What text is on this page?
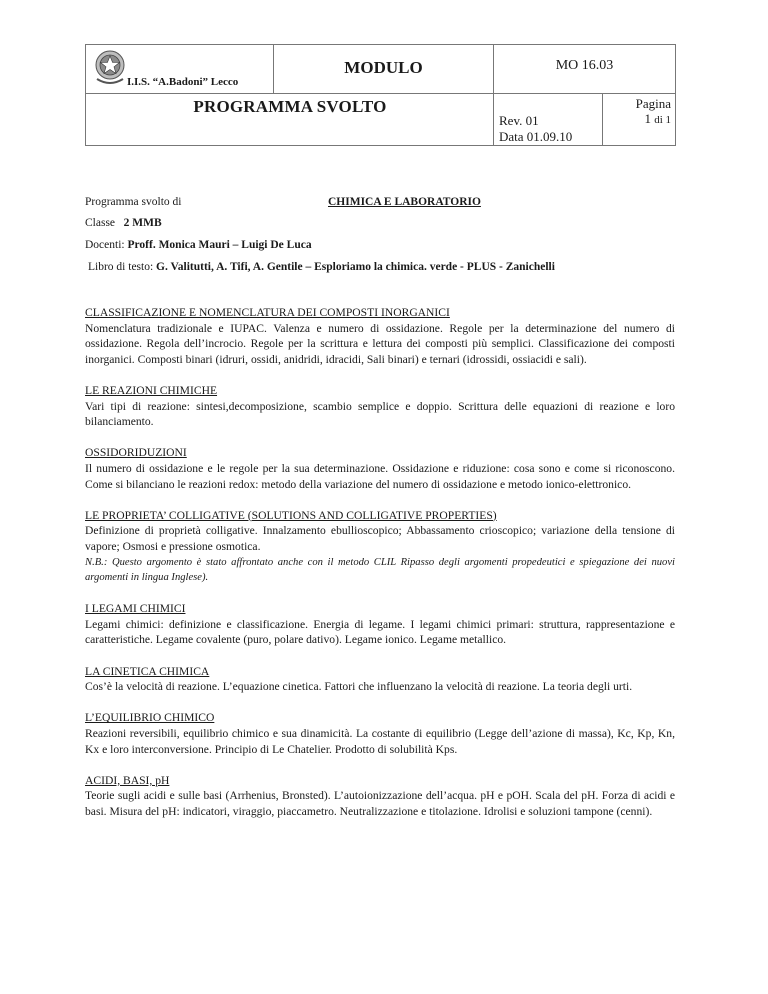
I.I.S. “A.Badoni” Lecco
MODULO	MO 16.03
PROGRAMMA SVOLTO
Rev. 01
Data 01.09.10
Pagina
1 di 1
Programma svolto di	CHIMICA E LABORATORIO
Classe 2 MMB
Docenti: Proff. Monica Mauri – Luigi De Luca
Libro di testo: G. Valitutti, A. Tifi, A. Gentile – Esploriamo la chimica. verde - PLUS - Zanichelli
CLASSIFICAZIONE E NOMENCLATURA DEI COMPOSTI INORGANICI
Nomenclatura tradizionale e IUPAC. Valenza e numero di ossidazione. Regole per la determinazione del numero di ossidazione. Regola dell’incrocio. Regole per la scrittura e lettura dei composti più semplici. Classificazione dei composti inorganici. Composti binari (idruri, ossidi, anidridi, idracidi, Sali binari) e ternari (idrossidi, ossiacidi e sali).
LE REAZIONI CHIMICHE
Vari tipi di reazione: sintesi,decomposizione, scambio semplice e doppio. Scrittura delle equazioni di reazione e loro bilanciamento.
OSSIDORIDUZIONI
Il numero di ossidazione e le regole per la sua determinazione. Ossidazione e riduzione: cosa sono e come si riconoscono. Come si bilanciano le reazioni redox: metodo della variazione del numero di ossidazione e metodo ionico-elettronico.
LE PROPRIETA’ COLLIGATIVE (SOLUTIONS AND COLLIGATIVE PROPERTIES)
Definizione di proprietà colligative. Innalzamento ebullioscopico; Abbassamento crioscopico; variazione della tensione di vapore; Osmosi e pressione osmotica.
N.B.: Questo argomento è stato affrontato anche con il metodo CLIL Ripasso degli argomenti propedeutici e spiegazione dei nuovi argomenti in lingua Inglese).
I LEGAMI CHIMICI
Legami chimici: definizione e classificazione. Energia di legame. I legami chimici primari: struttura, rappresentazione e caratteristiche. Legame covalente (puro, polare dativo). Legame ionico. Legame metallico.
LA CINETICA CHIMICA
Cos’è la velocità di reazione. L’equazione cinetica. Fattori che influenzano la velocità di reazione. La teoria degli urti.
L’EQUILIBRIO CHIMICO
Reazioni reversibili, equilibrio chimico e sua dinamicità. La costante di equilibrio (Legge dell’azione di massa), Kc, Kp, Kn, Kx e loro interconversione. Principio di Le Chatelier. Prodotto di solubilità Kps.
ACIDI, BASI, pH
Teorie sugli acidi e sulle basi (Arrhenius, Bronsted). L’autoionizzazione dell’acqua. pH e pOH. Scala del pH. Forza di acidi e basi. Misura del pH: indicatori, viraggio, piaccametro. Neutralizzazione e titolazione. Idrolisi e soluzioni tampone (cenni).
